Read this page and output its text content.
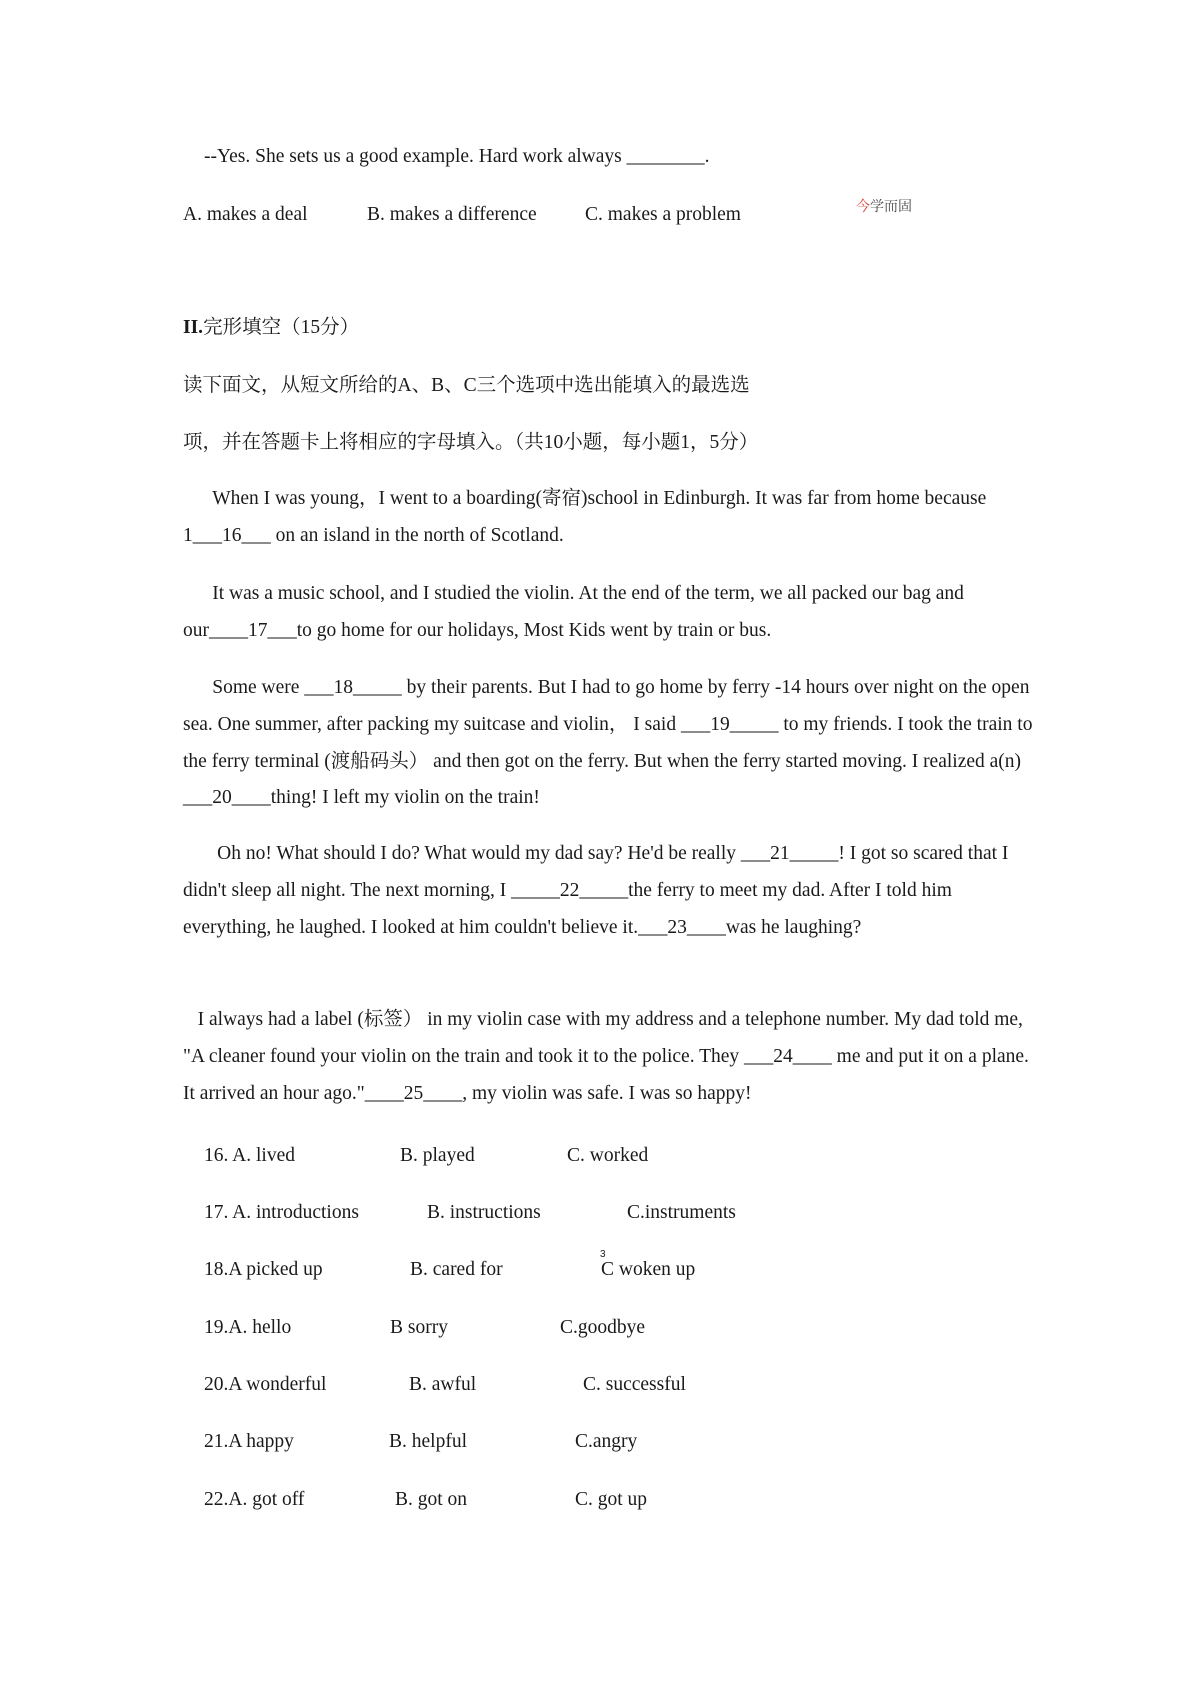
--Yes. She sets us a good example. Hard work always ________.
A. makes a deal	B. makes a difference C. makes a problem	今学而固
II.完形填空（15分）
读下面文，从短文所给的A、B、C三个选项中选出能填入的最选选
项，并在答题卡上将相应的字母填入。（共10小题，每小题1，5分）
When I was young，I went to a boarding(寄宿)school in Edinburgh. It was far from home because 1___16___ on an island in the north of Scotland.
It was a music school, and I studied the violin. At the end of the term, we all packed our bag and our____17___to go home for our holidays, Most Kids went by train or bus.
Some were ___18_____ by their parents. But I had to go home by ferry -14 hours over night on the open sea. One summer, after packing my suitcase and violin， I said ___19_____ to my friends. I took the train to the ferry terminal (渡船码头） and then got on the ferry. But when the ferry started moving. I realized a(n) ___20____thing! I left my violin on the train!
Oh no! What should I do? What would my dad say? He'd be really ___21_____! I got so scared that I didn't sleep all night. The next morning, I _____22_____the ferry to meet my dad. After I told him everything, he laughed. I looked at him couldn't believe it.___23____was he laughing?
I always had a label (标签） in my violin case with my address and a telephone number. My dad told me, "A cleaner found your violin on the train and took it to the police. They ___24____ me and put it on a plane. It arrived an hour ago."____25____, my violin was safe. I was so happy!
16. A. lived	B. played	C. worked
17. A. introductions	B. instructions	C.instruments
3
18.A picked up	B. cared for	C woken up
19.A. hello	B sorry	C.goodbye
20.A wonderful	B. awful	C. successful
21.A happy	B. helpful	C.angry
22.A. got off	B. got on	C. got up
